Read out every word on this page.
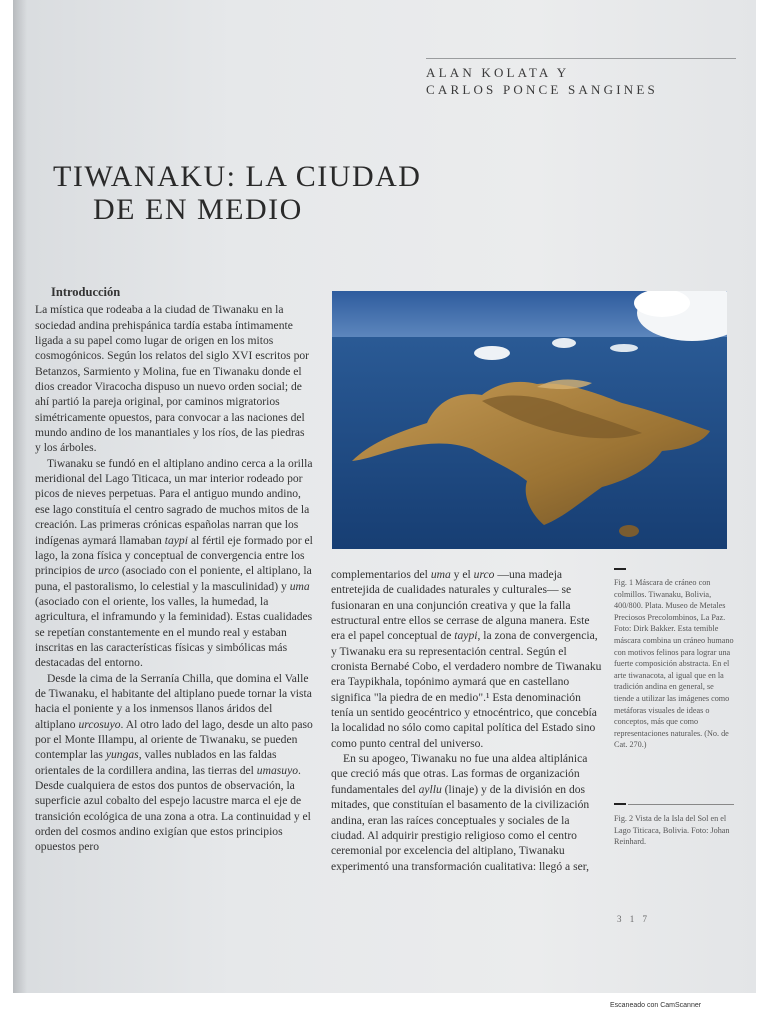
ALAN KOLATA Y
CARLOS PONCE SANGINES
TIWANAKU: LA CIUDAD
DE EN MEDIO
Introducción

La mística que rodeaba a la ciudad de Tiwanaku en la sociedad andina prehispánica tardía estaba íntimamente ligada a su papel como lugar de origen en los mitos cosmogónicos. Según los relatos del siglo XVI escritos por Betanzos, Sarmiento y Molina, fue en Tiwanaku donde el dios creador Viracocha dispuso un nuevo orden social; de ahí partió la pareja original, por caminos migratorios simétricamente opuestos, para convocar a las naciones del mundo andino de los manantiales y los ríos, de las piedras y los árboles.

Tiwanaku se fundó en el altiplano andino cerca a la orilla meridional del Lago Titicaca, un mar interior rodeado por picos de nieves perpetuas. Para el antiguo mundo andino, ese lago constituía el centro sagrado de muchos mitos de la creación. Las primeras crónicas españolas narran que los indígenas aymará llamaban taypi al fértil eje formado por el lago, la zona física y conceptual de convergencia entre los principios de urco (asociado con el poniente, el altiplano, la puna, el pastoralismo, lo celestial y la masculinidad) y uma (asociado con el oriente, los valles, la humedad, la agricultura, el inframundo y la feminidad). Estas cualidades se repetían constantemente en el mundo real y estaban inscritas en las características físicas y simbólicas más destacadas del entorno.

Desde la cima de la Serranía Chilla, que domina el Valle de Tiwanaku, el habitante del altiplano puede tornar la vista hacia el poniente y a los inmensos llanos áridos del altiplano urcosuyo. Al otro lado del lago, desde un alto paso por el Monte Illampu, al oriente de Tiwanaku, se pueden contemplar las yungas, valles nublados en las faldas orientales de la cordillera andina, las tierras del umasuyo. Desde cualquiera de estos dos puntos de observación, la superficie azul cobalto del espejo lacustre marca el eje de transición ecológica de una zona a otra. La continuidad y el orden del cosmos andino exigían que estos principios opuestos pero

complementarios del uma y el urco —una madeja entretejida de cualidades naturales y culturales— se fusionaran en una conjunción creativa y que la falla estructural entre ellos se cerrase de alguna manera. Este era el papel conceptual de taypi, la zona de convergencia, y Tiwanaku era su representación central. Según el cronista Bernabé Cobo, el verdadero nombre de Tiwanaku era Taypikhala, topónimo aymará que en castellano significa "la piedra de en medio".¹ Esta denominación tenía un sentido geocéntrico y etnocéntrico, que concebía la localidad no sólo como capital política del Estado sino como punto central del universo.

En su apogeo, Tiwanaku no fue una aldea altiplánica que creció más que otras. Las formas de organización fundamentales del ayllu (linaje) y de la división en dos mitades, que constituían el basamento de la civilización andina, eran las raíces conceptuales y sociales de la ciudad. Al adquirir prestigio religioso como el centro ceremonial por excelencia del altiplano, Tiwanaku experimentó una transformación cualitativa: llegó a ser,

Fig. 1 Máscara de cráneo con colmillos. Tiwanaku, Bolivia, 400/800. Plata. Museo de Metales Preciosos Precolombinos, La Paz. Foto: Dirk Bakker. Esta temible máscara combina un cráneo humano con motivos felinos para lograr una fuerte composición abstracta. En el arte tiwanacota, al igual que en la tradición andina en general, se tiende a utilizar las imágenes como metáforas visuales de ideas o conceptos, más que como representaciones naturales. (No. de Cat. 270.)
Fig. 2 Vista de la Isla del Sol en el Lago Titicaca, Bolivia. Foto: Johan Reinhard.
3 1 7
Escaneado con CamScanner
